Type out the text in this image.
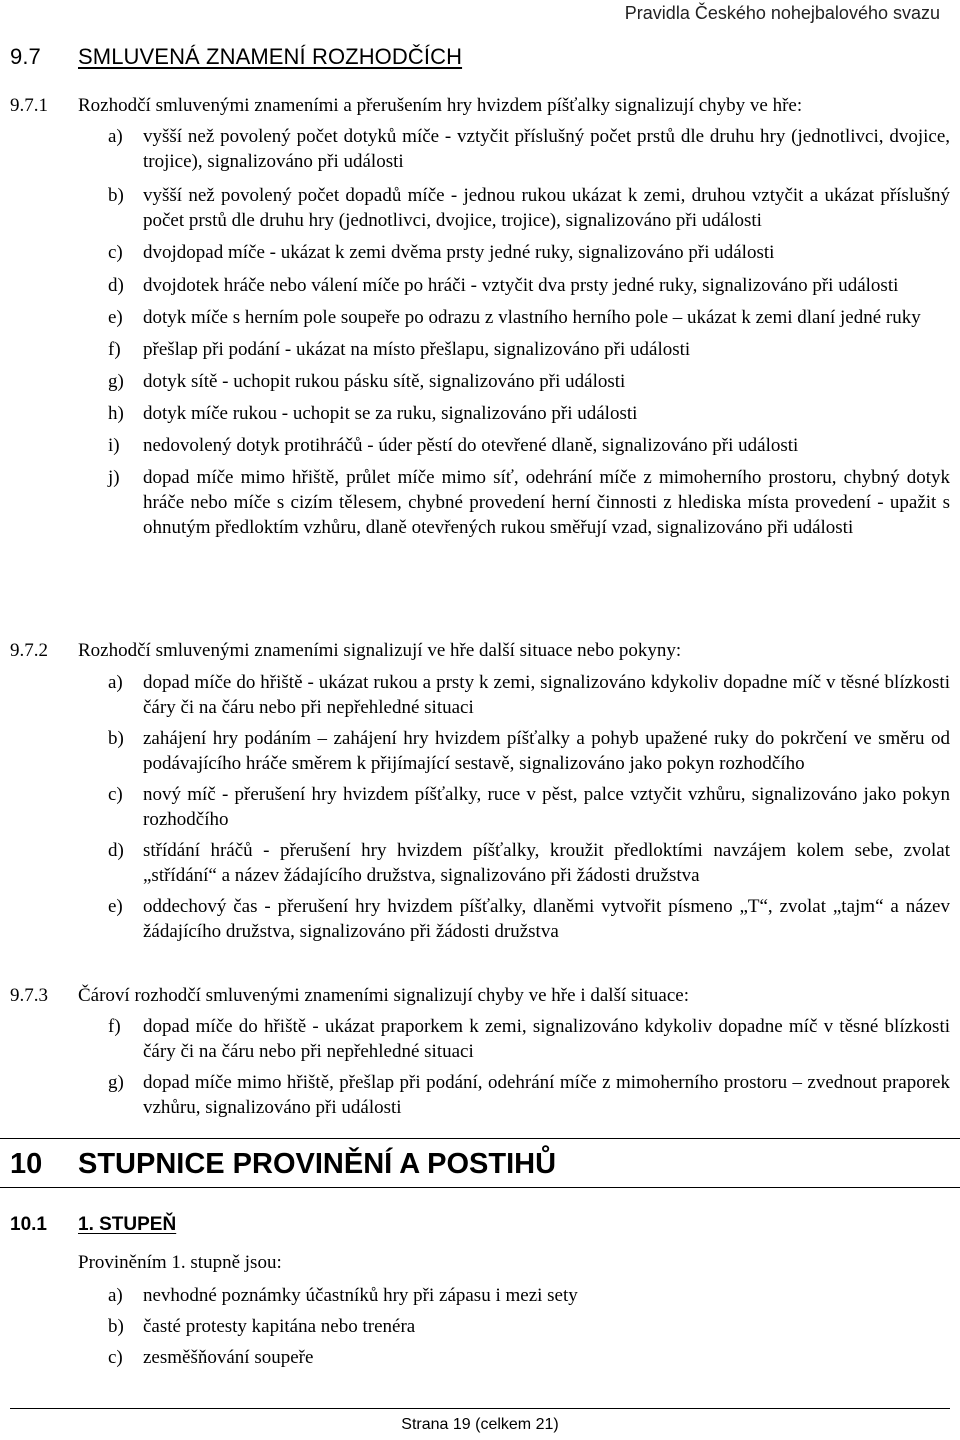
Pravidla Českého nohejbalového svazu
9.7 SMLUVENÁ ZNAMENÍ ROZHODČÍCH
9.7.1	Rozhodčí smluvenými znameními a přerušením hry hvizdem píšťalky signalizují chyby ve hře:
a)	vyšší než povolený počet dotyků míče - vztyčit příslušný počet prstů dle druhu hry (jednotlivci, dvojice, trojice), signalizováno při události
b)	vyšší než povolený počet dopadů míče - jednou rukou ukázat k zemi, druhou vztyčit a ukázat příslušný počet prstů dle druhu hry (jednotlivci, dvojice, trojice), signalizováno při události
c)	dvojdopad míče - ukázat k zemi dvěma prsty jedné ruky, signalizováno při události
d)	dvojdotek hráče nebo válení míče po hráči - vztyčit dva prsty jedné ruky, signalizováno při události
e)	dotyk míče s herním pole soupeře po odrazu z vlastního herního pole – ukázat k zemi dlaní jedné ruky
f)	přešlap při podání - ukázat na místo přešlapu, signalizováno při události
g)	dotyk sítě - uchopit rukou pásku sítě, signalizováno při události
h)	dotyk míče rukou - uchopit se za ruku, signalizováno při události
i)	nedovolený dotyk protihráčů - úder pěstí do otevřené dlaně, signalizováno při události
j)	dopad míče mimo hřiště, průlet míče mimo síť, odehrání míče z mimoherního prostoru, chybný dotyk hráče nebo míče s cizím tělesem, chybné provedení herní činnosti z hlediska místa provedení - upažit s ohnutým předloktím vzhůru, dlaně otevřených rukou směřují vzad, signalizováno při události
9.7.2	Rozhodčí smluvenými znameními signalizují ve hře další situace nebo pokyny:
a)	dopad míče do hřiště - ukázat rukou a prsty k zemi, signalizováno kdykoliv dopadne míč v těsné blízkosti čáry či na čáru nebo při nepřehledné situaci
b)	zahájení hry podáním – zahájení hry hvizdem píšťalky a pohyb upažené ruky do pokrčení ve směru od podávajícího hráče směrem k přijímající sestavě, signalizováno jako pokyn rozhodčího
c)	nový míč - přerušení hry hvizdem píšťalky, ruce v pěst, palce vztyčit vzhůru, signalizováno jako pokyn rozhodčího
d)	střídání hráčů - přerušení hry hvizdem píšťalky, kroužit předloktími navzájem kolem sebe, zvolat „střídání“ a název žádajícího družstva, signalizováno při žádosti družstva
e)	oddechový čas - přerušení hry hvizdem píšťalky, dlaněmi vytvořit písmeno „T“, zvolat „tajm“ a název žádajícího družstva, signalizováno při žádosti družstva
9.7.3	Čároví rozhodčí smluvenými znameními signalizují chyby ve hře i další situace:
f)	dopad míče do hřiště - ukázat praporkem k zemi, signalizováno kdykoliv dopadne míč v těsné blízkosti čáry či na čáru nebo při nepřehledné situaci
g)	dopad míče mimo hřiště, přešlap při podání, odehrání míče z mimoherního prostoru – zvednout praporek vzhůru, signalizováno při události
10 STUPNICE PROVINĚNÍ A POSTIHŮ
10.1 1. STUPEŇ
Proviněním 1. stupně jsou:
a)	nevhodné poznámky účastníků hry při zápasu i mezi sety
b)	časté protesty kapitána nebo trenéra
c)	zesměšňování soupeře
Strana 19 (celkem 21)
